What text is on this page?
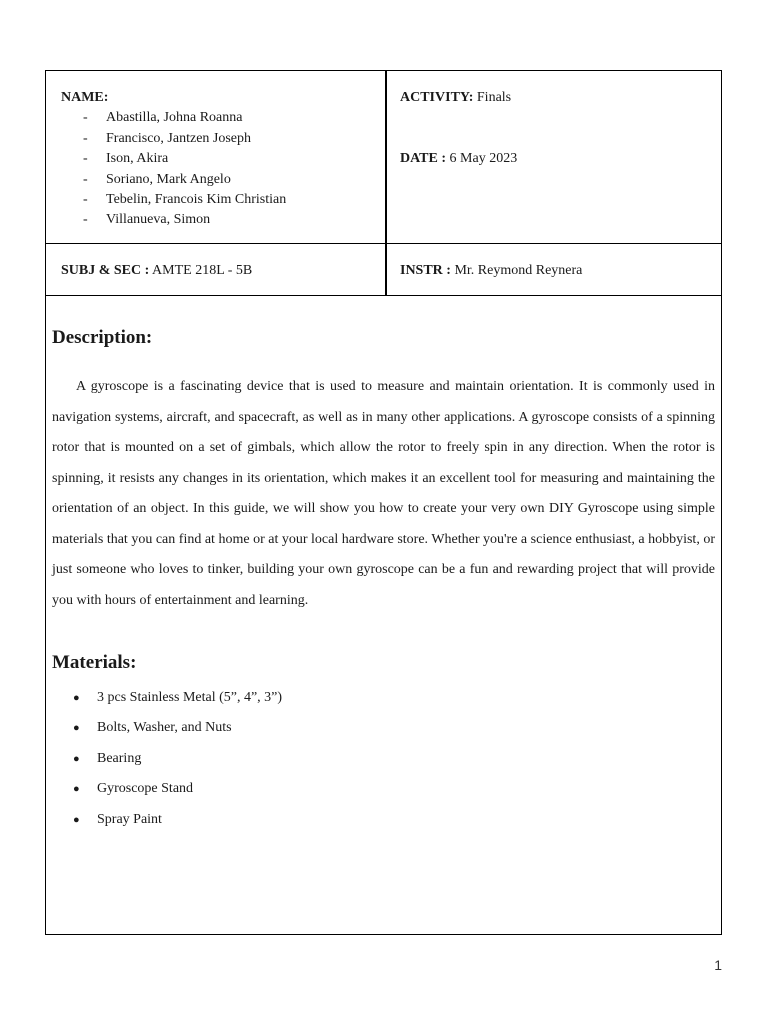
NAME:
- Abastilla, Johna Roanna
- Francisco, Jantzen Joseph
- Ison, Akira
- Soriano, Mark Angelo
- Tebelin, Francois Kim Christian
- Villanueva, Simon
ACTIVITY: Finals
DATE : 6 May 2023
SUBJ & SEC : AMTE 218L - 5B	INSTR : Mr. Reymond Reynera
Description:

A gyroscope is a fascinating device that is used to measure and maintain orientation. It is commonly used in navigation systems, aircraft, and spacecraft, as well as in many other applications. A gyroscope consists of a spinning rotor that is mounted on a set of gimbals, which allow the rotor to freely spin in any direction. When the rotor is spinning, it resists any changes in its orientation, which makes it an excellent tool for measuring and maintaining the orientation of an object. In this guide, we will show you how to create your very own DIY Gyroscope using simple materials that you can find at home or at your local hardware store. Whether you're a science enthusiast, a hobbyist, or just someone who loves to tinker, building your own gyroscope can be a fun and rewarding project that will provide you with hours of entertainment and learning.

Materials:
● 3 pcs Stainless Metal (5”, 4”, 3”)
● Bolts, Washer, and Nuts
● Bearing
● Gyroscope Stand
● Spray Paint
1
